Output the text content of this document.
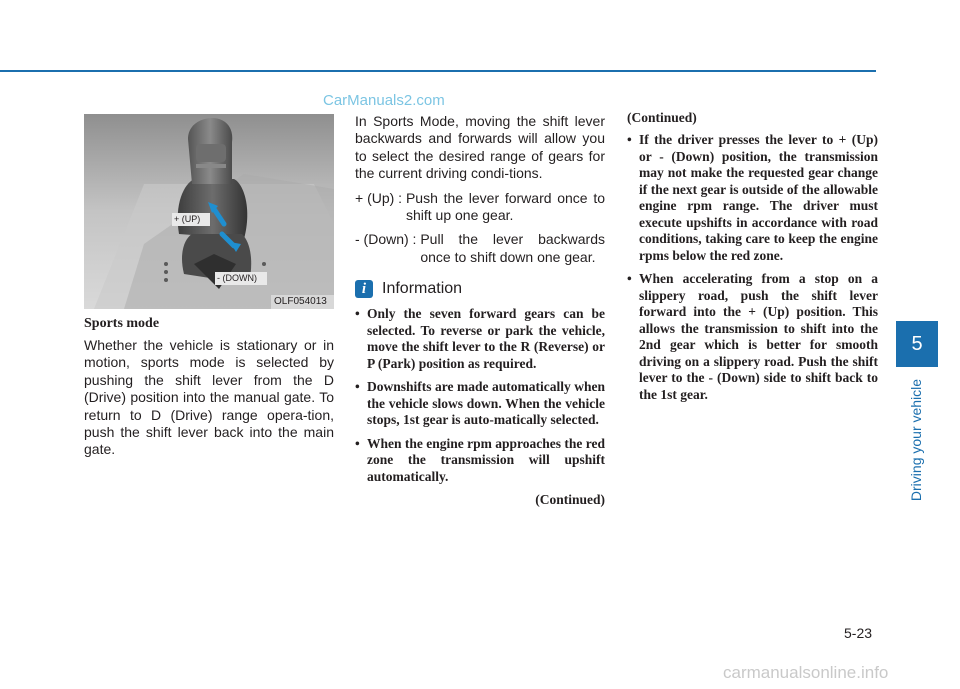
CarManuals2.com
+ (UP)
- (DOWN)
OLF054013
Sports mode
Whether the vehicle is stationary or in motion, sports mode is selected by pushing the shift lever from the D (Drive) position into the manual gate. To return to D (Drive) range opera-tion, push the shift lever back into the main gate.

In Sports Mode, moving the shift lever backwards and forwards will allow you to select the desired range of gears for the current driving condi-tions.

+ (Up) : Push the lever forward once to shift up one gear.
- (Down) : Pull the lever backwards once to shift down one gear.
i Information
• Only the seven forward gears can be selected. To reverse or park the vehicle, move the shift lever to the R (Reverse) or P (Park) position as required.
• Downshifts are made automatically when the vehicle slows down. When the vehicle stops, 1st gear is auto-matically selected.
• When the engine rpm approaches the red zone the transmission will upshift automatically.
(Continued)
(Continued)
• If the driver presses the lever to + (Up) or - (Down) position, the transmission may not make the requested gear change if the next gear is outside of the allowable engine rpm range. The driver must execute upshifts in accordance with road conditions, taking care to keep the engine rpms below the red zone.
• When accelerating from a stop on a slippery road, push the shift lever forward into the + (Up) position. This allows the transmission to shift into the 2nd gear which is better for smooth driving on a slippery road. Push the shift lever to the - (Down) side to shift back to the 1st gear.
5
Driving your vehicle
5-23
carmanualsonline.info
